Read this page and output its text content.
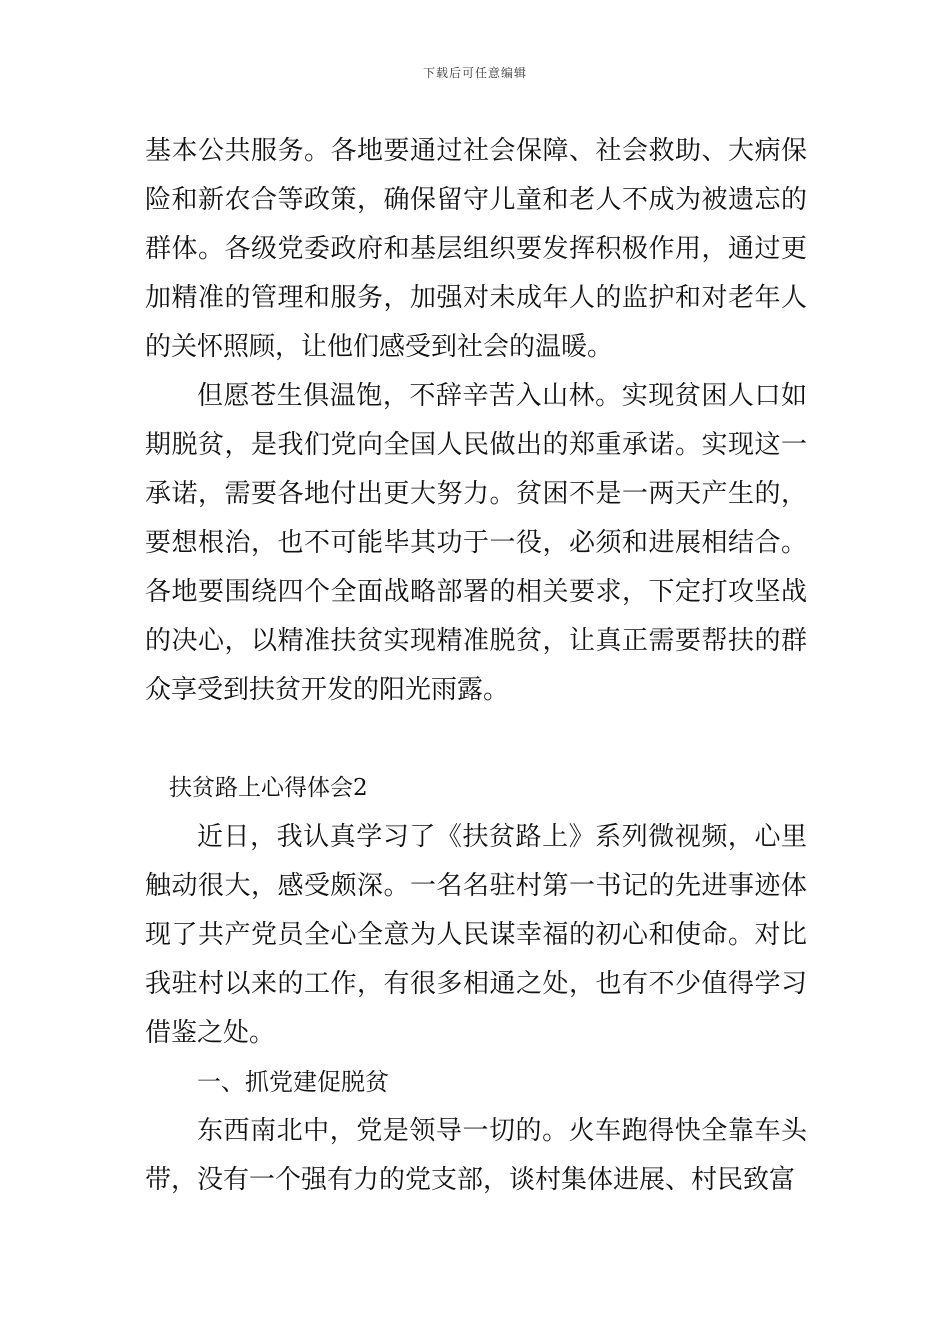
下载后可任意编辑

基本公共服务。各地要通过社会保障、社会救助、大病保险和新农合等政策，确保留守儿童和老人不成为被遗忘的群体。各级党委政府和基层组织要发挥积极作用，通过更加精准的管理和服务，加强对未成年人的监护和对老年人的关怀照顾，让他们感受到社会的温暖。

但愿苍生俱温饱，不辞辛苦入山林。实现贫困人口如期脱贫，是我们党向全国人民做出的郑重承诺。实现这一承诺，需要各地付出更大努力。贫困不是一两天产生的，要想根治，也不可能毕其功于一役，必须和进展相结合。各地要围绕四个全面战略部署的相关要求，下定打攻坚战的决心，以精准扶贫实现精准脱贫，让真正需要帮扶的群众享受到扶贫开发的阳光雨露。

扶贫路上心得体会2

近日，我认真学习了《扶贫路上》系列微视频，心里触动很大，感受颇深。一名名驻村第一书记的先进事迹体现了共产党员全心全意为人民谋幸福的初心和使命。对比我驻村以来的工作，有很多相通之处，也有不少值得学习借鉴之处。

一、抓党建促脱贫

东西南北中，党是领导一切的。火车跑得快全靠车头带，没有一个强有力的党支部，谈村集体进展、村民致富
